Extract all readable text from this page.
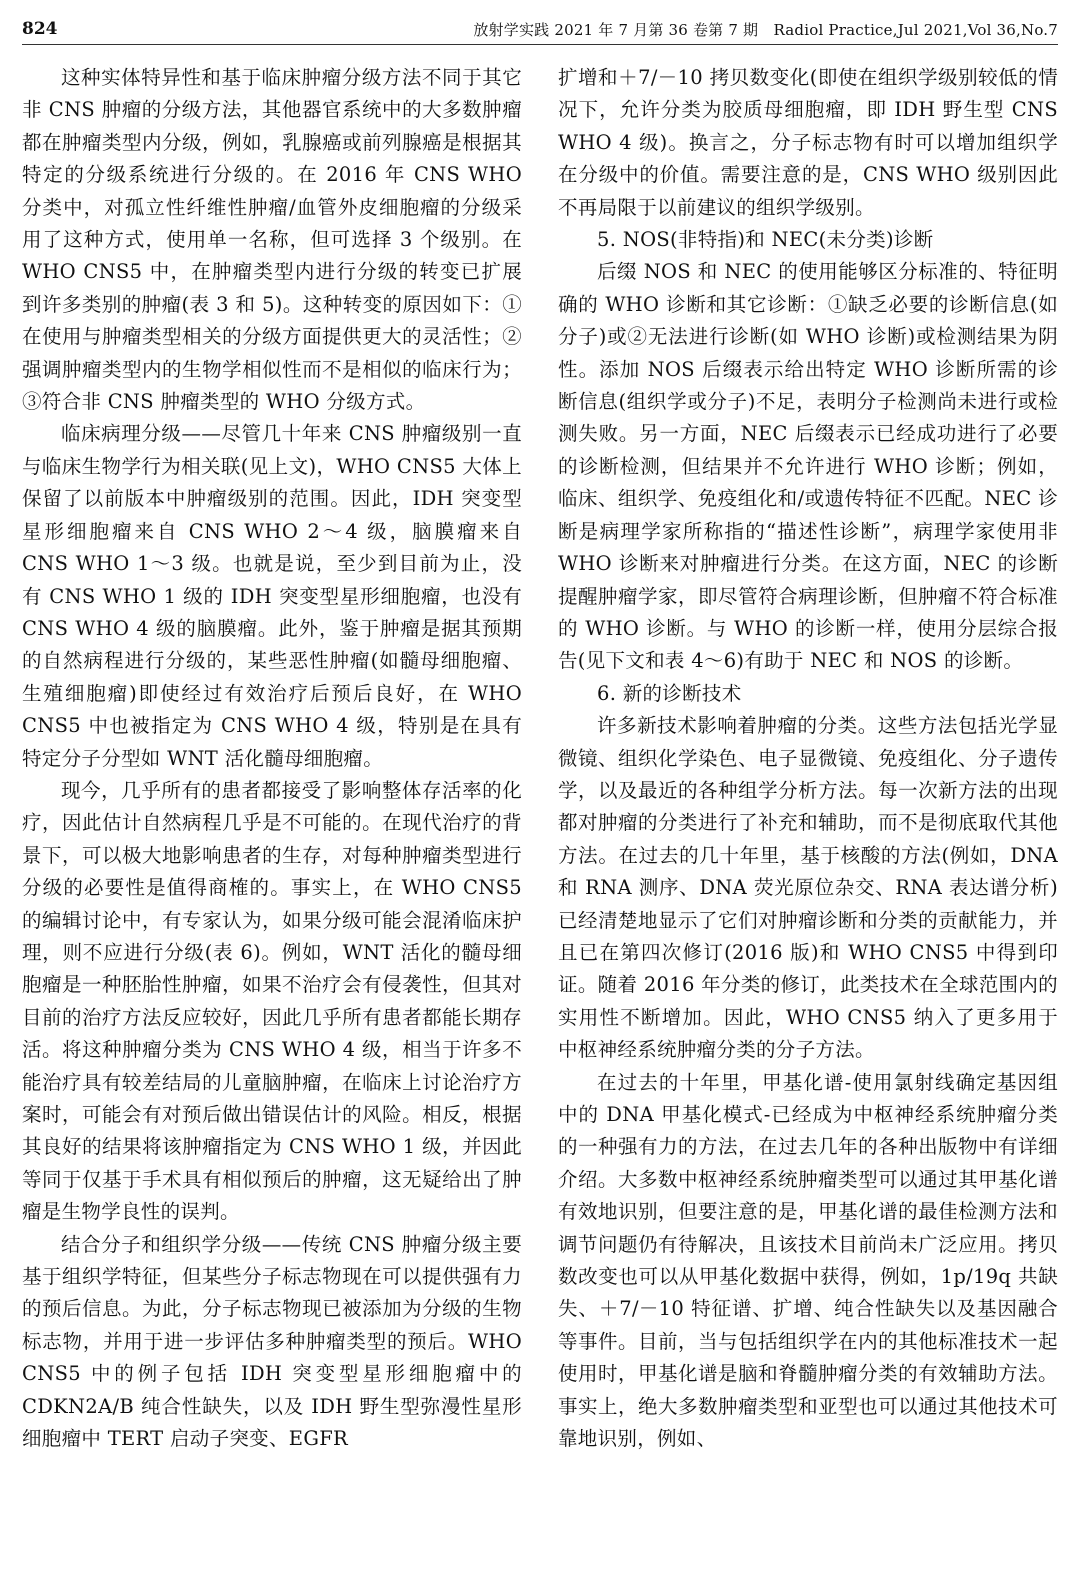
824	放射学实践 2021 年 7 月第 36 卷第 7 期　Radiol Practice,Jul 2021,Vol 36,No.7

这种实体特异性和基于临床肿瘤分级方法不同于其它非 CNS 肿瘤的分级方法，其他器官系统中的大多数肿瘤都在肿瘤类型内分级，例如，乳腺癌或前列腺癌是根据其特定的分级系统进行分级的。在 2016 年 CNS WHO 分类中，对孤立性纤维性肿瘤/血管外皮细胞瘤的分级采用了这种方式，使用单一名称，但可选择 3 个级别。在 WHO CNS5 中，在肿瘤类型内进行分级的转变已扩展到许多类别的肿瘤(表 3 和 5)。这种转变的原因如下：①在使用与肿瘤类型相关的分级方面提供更大的灵活性；②强调肿瘤类型内的生物学相似性而不是相似的临床行为；③符合非 CNS 肿瘤类型的 WHO 分级方式。

临床病理分级——尽管几十年来 CNS 肿瘤级别一直与临床生物学行为相关联(见上文)，WHO CNS5 大体上保留了以前版本中肿瘤级别的范围。因此，IDH 突变型星形细胞瘤来自 CNS WHO 2～4 级，脑膜瘤来自 CNS WHO 1～3 级。也就是说，至少到目前为止，没有 CNS WHO 1 级的 IDH 突变型星形细胞瘤，也没有 CNS WHO 4 级的脑膜瘤。此外，鉴于肿瘤是据其预期的自然病程进行分级的，某些恶性肿瘤(如髓母细胞瘤、生殖细胞瘤)即使经过有效治疗后预后良好，在 WHO CNS5 中也被指定为 CNS WHO 4 级，特别是在具有特定分子分型如 WNT 活化髓母细胞瘤。

现今，几乎所有的患者都接受了影响整体存活率的化疗，因此估计自然病程几乎是不可能的。在现代治疗的背景下，可以极大地影响患者的生存，对每种肿瘤类型进行分级的必要性是值得商榷的。事实上，在 WHO CNS5 的编辑讨论中，有专家认为，如果分级可能会混淆临床护理，则不应进行分级(表 6)。例如，WNT 活化的髓母细胞瘤是一种胚胎性肿瘤，如果不治疗会有侵袭性，但其对目前的治疗方法反应较好，因此几乎所有患者都能长期存活。将这种肿瘤分类为 CNS WHO 4 级，相当于许多不能治疗具有较差结局的儿童脑肿瘤，在临床上讨论治疗方案时，可能会有对预后做出错误估计的风险。相反，根据其良好的结果将该肿瘤指定为 CNS WHO 1 级，并因此等同于仅基于手术具有相似预后的肿瘤，这无疑给出了肿瘤是生物学良性的误判。

结合分子和组织学分级——传统 CNS 肿瘤分级主要基于组织学特征，但某些分子标志物现在可以提供强有力的预后信息。为此，分子标志物现已被添加为分级的生物标志物，并用于进一步评估多种肿瘤类型的预后。WHO CNS5 中的例子包括 IDH 突变型星形细胞瘤中的 CDKN2A/B 纯合性缺失，以及 IDH 野生型弥漫性星形细胞瘤中 TERT 启动子突变、EGFR

扩增和＋7/－10 拷贝数变化(即使在组织学级别较低的情况下，允许分类为胶质母细胞瘤，即 IDH 野生型 CNS WHO 4 级)。换言之，分子标志物有时可以增加组织学在分级中的价值。需要注意的是，CNS WHO 级别因此不再局限于以前建议的组织学级别。

5. NOS(非特指)和 NEC(未分类)诊断

后缀 NOS 和 NEC 的使用能够区分标准的、特征明确的 WHO 诊断和其它诊断：①缺乏必要的诊断信息(如分子)或②无法进行诊断(如 WHO 诊断)或检测结果为阴性。添加 NOS 后缀表示给出特定 WHO 诊断所需的诊断信息(组织学或分子)不足，表明分子检测尚未进行或检测失败。另一方面，NEC 后缀表示已经成功进行了必要的诊断检测，但结果并不允许进行 WHO 诊断；例如，临床、组织学、免疫组化和/或遗传特征不匹配。NEC 诊断是病理学家所称指的“描述性诊断”，病理学家使用非 WHO 诊断来对肿瘤进行分类。在这方面，NEC 的诊断提醒肿瘤学家，即尽管符合病理诊断，但肿瘤不符合标准的 WHO 诊断。与 WHO 的诊断一样，使用分层综合报告(见下文和表 4～6)有助于 NEC 和 NOS 的诊断。

6. 新的诊断技术

许多新技术影响着肿瘤的分类。这些方法包括光学显微镜、组织化学染色、电子显微镜、免疫组化、分子遗传学，以及最近的各种组学分析方法。每一次新方法的出现都对肿瘤的分类进行了补充和辅助，而不是彻底取代其他方法。在过去的几十年里，基于核酸的方法(例如，DNA 和 RNA 测序、DNA 荧光原位杂交、RNA 表达谱分析)已经清楚地显示了它们对肿瘤诊断和分类的贡献能力，并且已在第四次修订(2016 版)和 WHO CNS5 中得到印证。随着 2016 年分类的修订，此类技术在全球范围内的实用性不断增加。因此，WHO CNS5 纳入了更多用于中枢神经系统肿瘤分类的分子方法。

在过去的十年里，甲基化谱-使用氯射线确定基因组中的 DNA 甲基化模式-已经成为中枢神经系统肿瘤分类的一种强有力的方法，在过去几年的各种出版物中有详细介绍。大多数中枢神经系统肿瘤类型可以通过其甲基化谱有效地识别，但要注意的是，甲基化谱的最佳检测方法和调节问题仍有待解决，且该技术目前尚未广泛应用。拷贝数改变也可以从甲基化数据中获得，例如，1p/19q 共缺失、＋7/－10 特征谱、扩增、纯合性缺失以及基因融合等事件。目前，当与包括组织学在内的其他标准技术一起使用时，甲基化谱是脑和脊髓肿瘤分类的有效辅助方法。事实上，绝大多数肿瘤类型和亚型也可以通过其他技术可靠地识别，例如、
